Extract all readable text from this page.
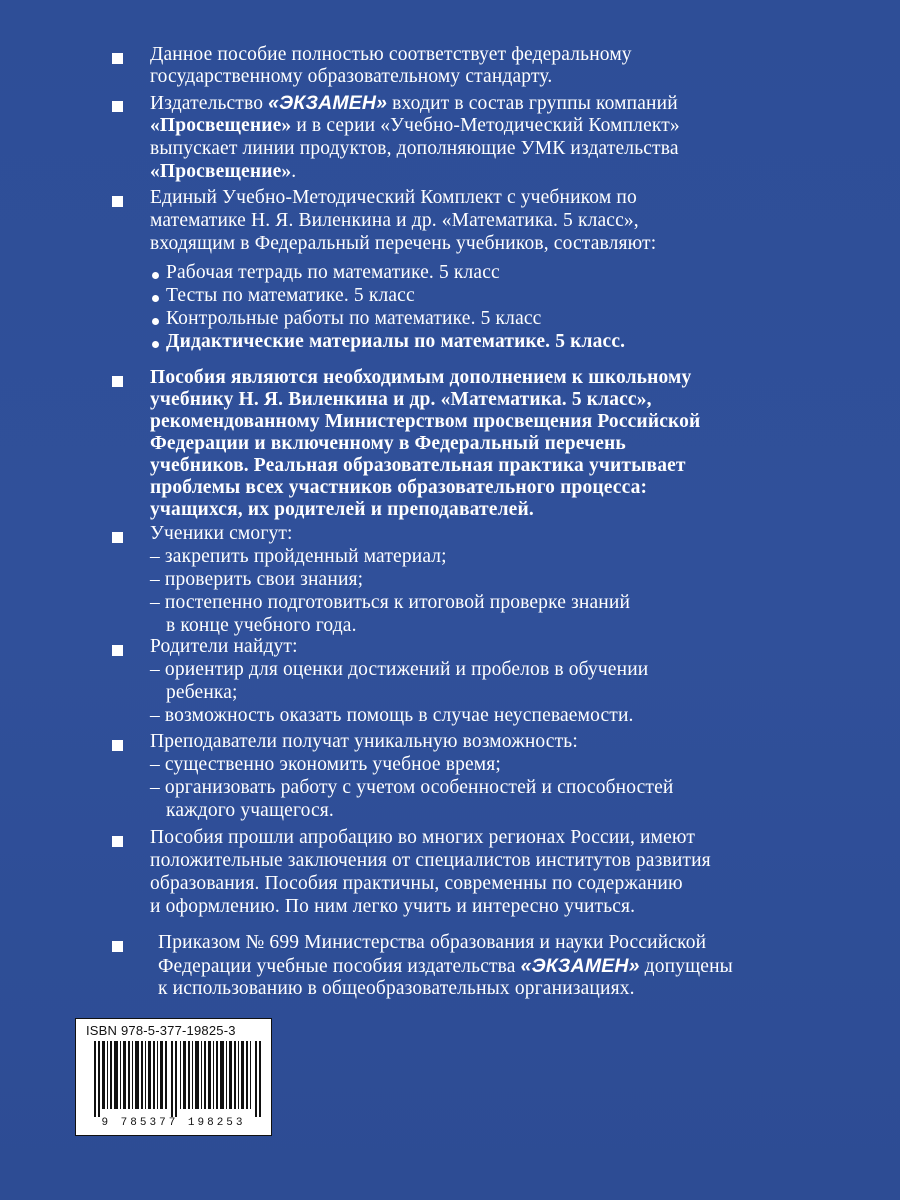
Данное пособие полностью соответствует федеральному
государственному образовательному стандарту.
Издательство «ЭКЗАМЕН» входит в состав группы компаний
«Просвещение» и в серии «Учебно-Методический Комплект»
выпускает линии продуктов, дополняющие УМК издательства
«Просвещение».
Единый Учебно-Методический Комплект с учебником по
математике Н. Я. Виленкина и др. «Математика. 5 класс»,
входящим в Федеральный перечень учебников, составляют:
Рабочая тетрадь по математике. 5 класс
Тесты по математике. 5 класс
Контрольные работы по математике. 5 класс
Дидактические материалы по математике. 5 класс.
Пособия являются необходимым дополнением к школьному
учебнику Н. Я. Виленкина и др. «Математика. 5 класс»,
рекомендованному Министерством просвещения Российской
Федерации и включенному в Федеральный перечень
учебников. Реальная образовательная практика учитывает
проблемы всех участников образовательного процесса:
учащихся, их родителей и преподавателей.
Ученики смогут:
– закрепить пройденный материал;
– проверить свои знания;
– постепенно подготовиться к итоговой проверке знаний
в конце учебного года.
Родители найдут:
– ориентир для оценки достижений и пробелов в обучении
ребенка;
– возможность оказать помощь в случае неуспеваемости.
Преподаватели получат уникальную возможность:
– существенно экономить учебное время;
– организовать работу с учетом особенностей и способностей
каждого учащегося.
Пособия прошли апробацию во многих регионах России, имеют
положительные заключения от специалистов институтов развития
образования. Пособия практичны, современны по содержанию
и оформлению. По ним легко учить и интересно учиться.
Приказом № 699 Министерства образования и науки Российской
Федерации учебные пособия издательства «ЭКЗАМЕН» допущены
к использованию в общеобразовательных организациях.
ISBN 978-5-377-19825-3
9 785377 198253
